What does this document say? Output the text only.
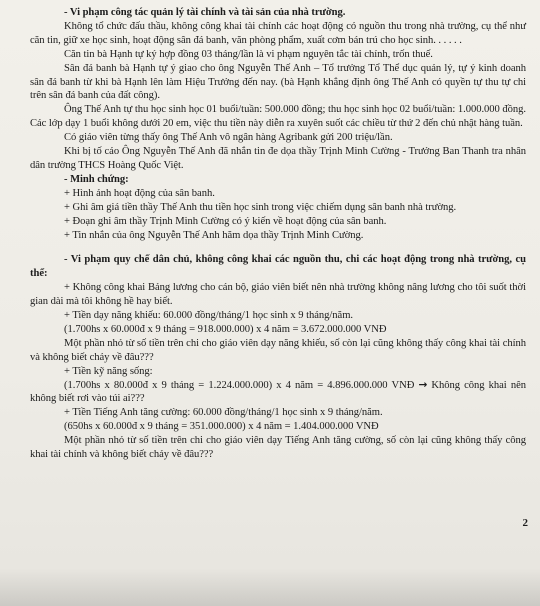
- Vi phạm công tác quản lý tài chính và tài sản của nhà trường.

Không tổ chức đấu thầu, không công khai tài chính các hoạt động có nguồn thu trong nhà trường, cụ thể như căn tin, giữ xe học sinh, hoạt động sân đá banh, văn phòng phẩm, xuất cơm bán trú cho học sinh. . . . . .

Căn tin bà Hạnh tự ký hợp đồng 03 tháng/lần là vi phạm nguyên tắc tài chính, trốn thuế.

Sân đá banh bà Hạnh tự ý giao cho ông Nguyễn Thế Anh – Tổ trưởng Tổ Thể dục quản lý, tự ý kinh doanh sân đá banh từ khi bà Hạnh lên làm Hiệu Trưởng đến nay. (bà Hạnh khẳng định ông Thế Anh có quyền tự thu tự chi trên sân đá banh của đất công).

Ông Thế Anh tự thu học sinh học 01 buổi/tuần: 500.000 đồng; thu học sinh học 02 buổi/tuần: 1.000.000 đồng. Các lớp dạy 1 buổi không dưới 20 em, việc thu tiền này diễn ra xuyên suốt các chiều từ thứ 2 đến chủ nhật hàng tuần.

Có giáo viên từng thấy ông Thế Anh vô ngân hàng Agribank gửi 200 triệu/lần.

Khi bị tố cáo Ông Nguyễn Thế Anh đã nhắn tin đe dọa thầy Trịnh Minh Cường - Trưởng Ban Thanh tra nhân dân trường THCS Hoàng Quốc Việt.

- Minh chứng:

+ Hình ảnh hoạt động của sân banh.

+ Ghi âm giá tiền thầy Thế Anh thu tiền học sinh trong việc chiếm dụng sân banh nhà trường.

+ Đoạn ghi âm thầy Trịnh Minh Cường có ý kiến về hoạt động của sân banh.

+ Tin nhắn của ông Nguyễn Thế Anh hăm dọa thầy Trịnh Minh Cường.

- Vi phạm quy chế dân chủ, không công khai các nguồn thu, chi các hoạt động trong nhà trường, cụ thể:

+ Không công khai Bảng lương cho cán bộ, giáo viên biết nên nhà trường không nâng lương cho tôi suốt thời gian dài mà tôi không hề hay biết.

+ Tiền dạy năng khiếu: 60.000 đồng/tháng/1 học sinh x 9 tháng/năm.

(1.700hs x 60.000đ x 9 tháng = 918.000.000) x 4 năm = 3.672.000.000 VNĐ

Một phần nhỏ từ số tiền trên chi cho giáo viên dạy năng khiếu, số còn lại cũng không thấy công khai tài chính và không biết chảy về đâu???

+ Tiền kỹ năng sống:

(1.700hs x 80.000đ x 9 tháng = 1.224.000.000) x 4 năm = 4.896.000.000 VNĐ → Không công khai nên không biết rơi vào túi ai???

+ Tiền Tiếng Anh tăng cường: 60.000 đồng/tháng/1 học sinh x 9 tháng/năm.

(650hs x 60.000đ x 9 tháng = 351.000.000) x 4 năm = 1.404.000.000 VNĐ

Một phần nhỏ từ số tiền trên chi cho giáo viên dạy Tiếng Anh tăng cường, số còn lại cũng không thấy công khai tài chính và không biết chảy về đâu???

2
